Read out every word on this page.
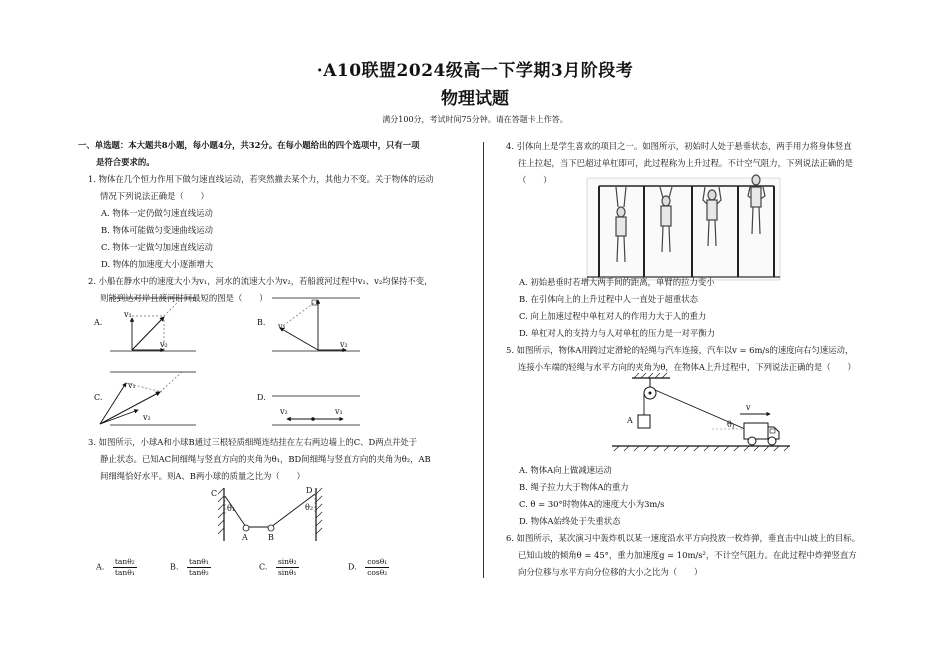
·A10联盟2024级高一下学期3月阶段考
物理试题
满分100分，考试时间75分钟。请在答题卡上作答。

一、单选题：本大题共8小题，每小题4分，共32分。在每小题给出的四个选项中，只有一项

是符合要求的。

1. 物体在几个恒力作用下做匀速直线运动，若突然撤去某个力，其他力不变。关于物体的运动

情况下列说法正确是（　　）

A. 物体一定仍做匀速直线运动

B. 物体可能做匀变速曲线运动

C. 物体一定做匀加速直线运动

D. 物体的加速度大小逐渐增大

2. 小船在静水中的速度大小为v₁，河水的流速大小为v₂，若船渡河过程中v₁、v₂均保持不变，

则能到达对岸且渡河时间最短的图是（　　）

A.	B.
C.	D.
v₁
v₂
v₁
v₂
v₁
v₂
v₂	v₁

3. 如图所示，小球A和小球B通过三根轻质细绳连结挂在左右两边墙上的C、D两点并处于

静止状态。已知AC间细绳与竖直方向的夹角为θ₁，BD间细绳与竖直方向的夹角为θ₂，AB

间细绳恰好水平。则A、B两小球的质量之比为（　　）

C	D
A	B
θ₁	θ₂
A. $\frac{\text{tanθ₂}}{\text{tanθ₁}}$	B. $\frac{\text{tanθ₁}}{\text{tanθ₂}}$	C. $\frac{\text{sinθ₂}}{\text{sinθ₁}}$	D. $\frac{\text{cosθ₁}}{\text{cosθ₂}}$

4. 引体向上是学生喜欢的项目之一。如图所示，初始时人处于悬垂状态，两手用力将身体竖直

往上拉起，当下巴超过单杠即可，此过程称为上升过程。不计空气阻力，下列说法正确的是

（　　）

A. 初始悬垂时若增大两手间的距离，单臂的拉力变小

B. 在引体向上的上升过程中人一直处于超重状态

C. 向上加速过程中单杠对人的作用力大于人的重力

D. 单杠对人的支持力与人对单杠的压力是一对平衡力

5. 如图所示，物体A用跨过定滑轮的轻绳与汽车连接，汽车以v = 6m/s的速度向右匀速运动，

连接小车端的轻绳与水平方向的夹角为θ，在物体A上升过程中，下列说法正确的是（　　）

A
v
θ

A. 物体A向上做减速运动

B. 绳子拉力大于物体A的重力

C. θ = 30°时物体A的速度大小为3m/s

D. 物体A始终处于失重状态

6. 如图所示，某次演习中轰炸机以某一速度沿水平方向投放一枚炸弹，垂直击中山坡上的目标。

已知山坡的倾角θ = 45°，重力加速度g = 10m/s²，不计空气阻力。在此过程中炸弹竖直方

向分位移与水平方向分位移的大小之比为（　　）
